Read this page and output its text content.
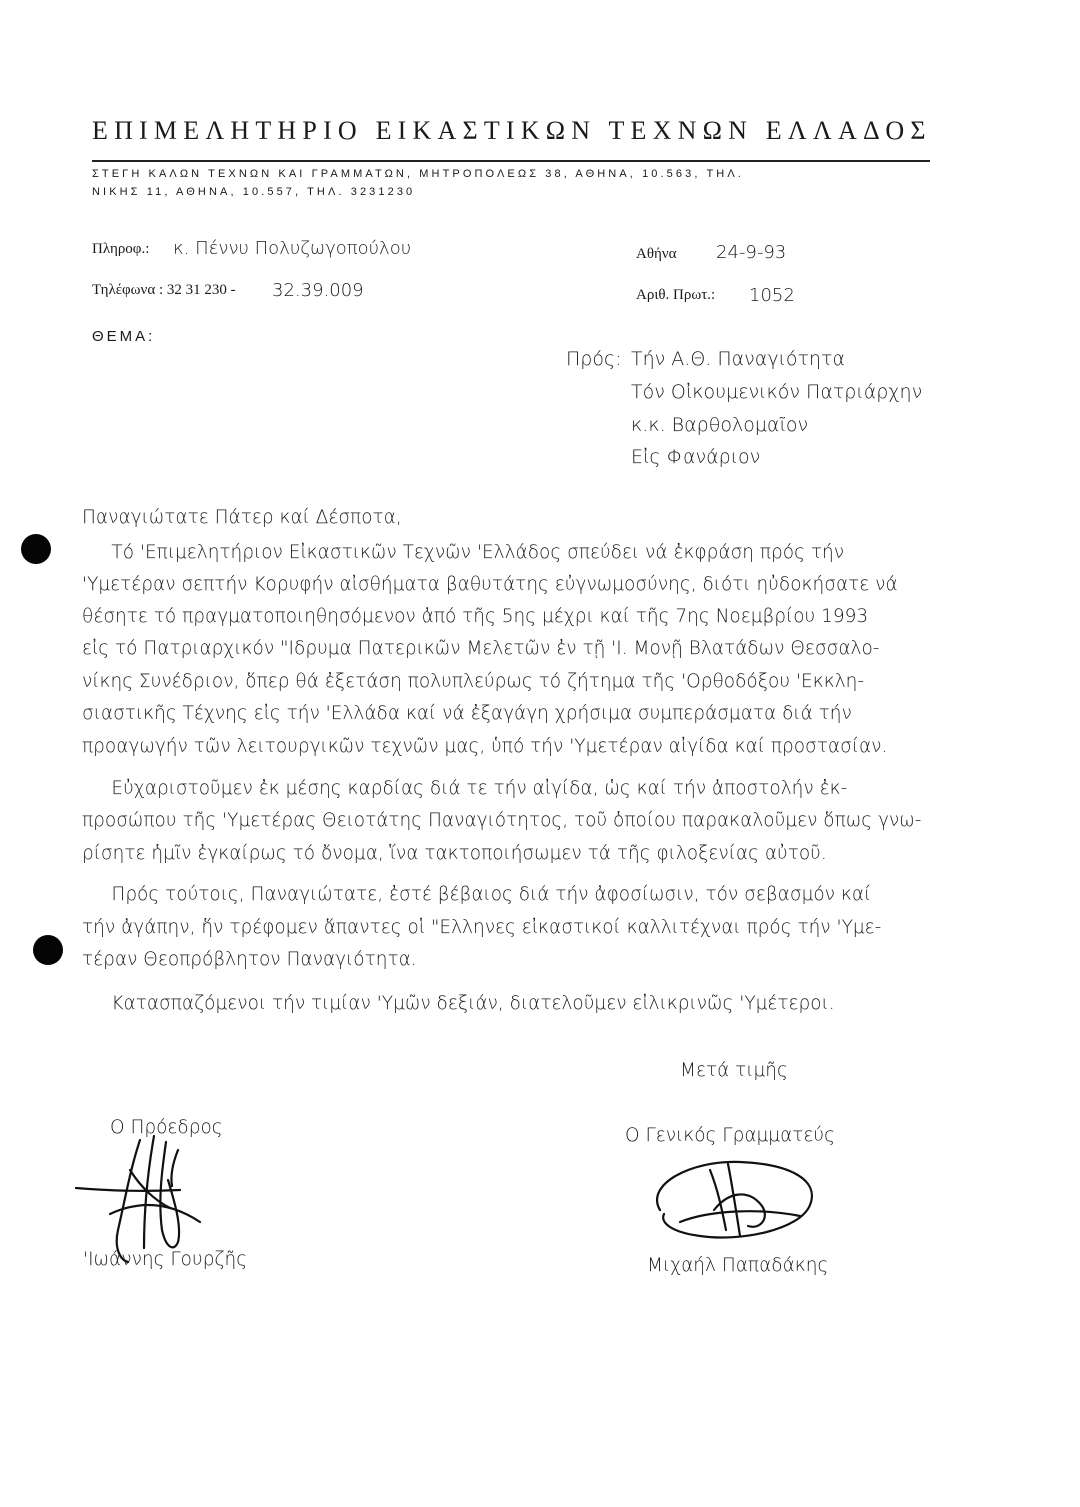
ΕΠΙΜΕΛΗΤΗΡΙΟ ΕΙΚΑΣΤΙΚΩΝ ΤΕΧΝΩΝ ΕΛΛΑΔΟΣ
ΣΤΕΓΗ ΚΑΛΩΝ ΤΕΧΝΩΝ ΚΑΙ ΓΡΑΜΜΑΤΩΝ, ΜΗΤΡΟΠΟΛΕΩΣ 38, ΑΘΗΝΑ, 10.563, ΤΗΛ.
ΝΙΚΗΣ 11, ΑΘΗΝΑ, 10.557, ΤΗΛ. 3231230
Πληροφ.: κ. Πέννυ Πολυζωγοπούλου
Τηλέφωνα : 32 31 230 - 32.39.009
Αθήνα 24-9-93
Αριθ. Πρωτ.: 1052
ΘΕΜΑ:
Πρός: Τήν Α.Θ. Παναγιότητα
Τόν Οἰκουμενικόν Πατριάρχην
κ.κ. Βαρθολομαῖον
Εἰς Φανάριον
Παναγιώτατε Πάτερ καί Δέσποτα,
Τό 'Επιμελητήριον Εἰκαστικῶν Τεχνῶν 'Ελλάδος σπεύδει νά ἐκφράση πρός τήν
'Υμετέραν σεπτήν Κορυφήν αἰσθήματα βαθυτάτης εὐγνωμοσύνης, διότι ηὐδοκήσατε νά
θέσητε τό πραγματοποιηθησόμενον ἀπό τῆς 5ης μέχρι καί τῆς 7ης Νοεμβρίου 1993
εἰς τό Πατριαρχικόν "Ιδρυμα Πατερικῶν Μελετῶν ἐν τῇ 'Ι. Μονῇ Βλατάδων Θεσσαλο-
νίκης Συνέδριον, ὅπερ θά ἐξετάση πολυπλεύρως τό ζήτημα τῆς 'Ορθοδόξου 'Εκκλη-
σιαστικῆς Τέχνης εἰς τήν 'Ελλάδα καί νά ἐξαγάγη χρήσιμα συμπεράσματα διά τήν
προαγωγήν τῶν λειτουργικῶν τεχνῶν μας, ὑπό τήν 'Υμετέραν αἰγίδα καί προστασίαν.
Εὐχαριστοῦμεν ἐκ μέσης καρδίας διά τε τήν αἰγίδα, ὡς καί τήν ἀποστολήν ἐκ-
προσώπου τῆς 'Υμετέρας Θειοτάτης Παναγιότητος, τοῦ ὁποίου παρακαλοῦμεν ὅπως γνω-
ρίσητε ἡμῖν ἐγκαίρως τό ὄνομα, ἵνα τακτοποιήσωμεν τά τῆς φιλοξενίας αὐτοῦ.
Πρός τούτοις, Παναγιώτατε, ἐστέ βέβαιος διά τήν ἀφοσίωσιν, τόν σεβασμόν καί
τήν ἀγάπην, ἥν τρέφομεν ἅπαντες οἱ "Ελληνες εἰκαστικοί καλλιτέχναι πρός τήν 'Υμε-
τέραν Θεοπρόβλητον Παναγιότητα.
Κατασπαζόμενοι τήν τιμίαν 'Υμῶν δεξιάν, διατελοῦμεν εἰλικρινῶς 'Υμέτεροι.
Μετά τιμῆς
Ο Πρόεδρος
'Ιωάννης Γουρζῆς
Ο Γενικός Γραμματεύς
Μιχαήλ Παπαδάκης
